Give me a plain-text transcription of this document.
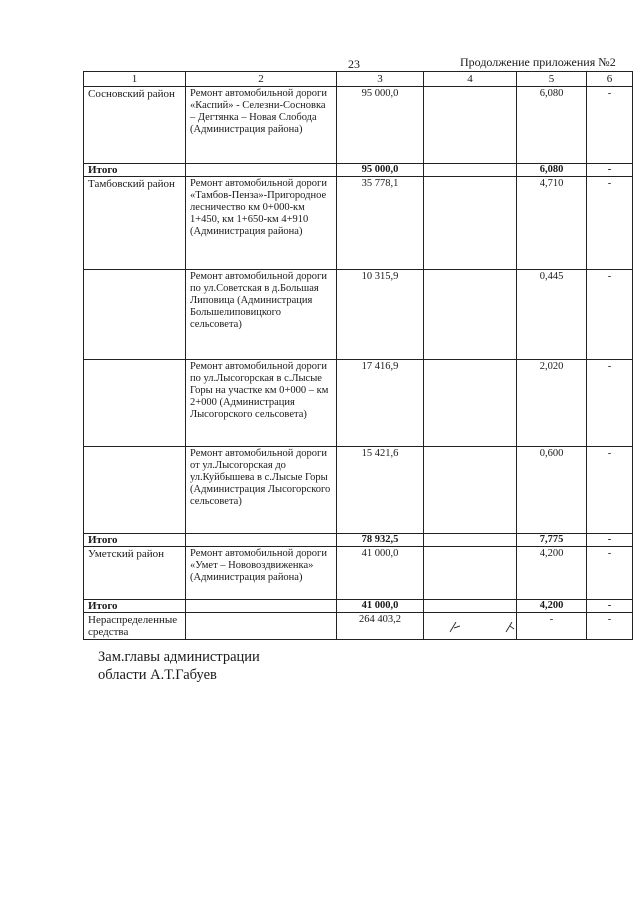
23	Продолжение приложения №2
1	2	3	4	5	6
Сосновский район	Ремонт автомобильной дороги «Каспий» - Селезни-Сосновка – Дегтянка – Новая Слобода (Администрация района)	95 000,0		6,080	-
Итого		95 000,0		6,080	-
Тамбовский район	Ремонт автомобильной дороги «Тамбов-Пенза»-Пригородное лесничество км 0+000-км 1+450, км 1+650-км 4+910 (Администрация района)	35 778,1		4,710	-
	Ремонт автомобильной дороги по ул.Советская в д.Большая Липовица (Администрация Большелиповицкого сельсовета)	10 315,9		0,445	-
	Ремонт автомобильной дороги по ул.Лысогорская в с.Лысые Горы на участке км 0+000 – км 2+000 (Администрация Лысогорского сельсовета)	17 416,9		2,020	-
	Ремонт автомобильной дороги от ул.Лысогорская до ул.Куйбышева в с.Лысые Горы (Администрация Лысогорского сельсовета)	15 421,6		0,600	-
Итого		78 932,5		7,775	-
Уметский район	Ремонт автомобильной дороги «Умет – Нововоздвиженка» (Администрация района)	41 000,0		4,200	-
Итого		41 000,0		4,200	-
Нераспределенные средства		264 403,2		-	-
Зам.главы администрации
области А.Т.Габуев
